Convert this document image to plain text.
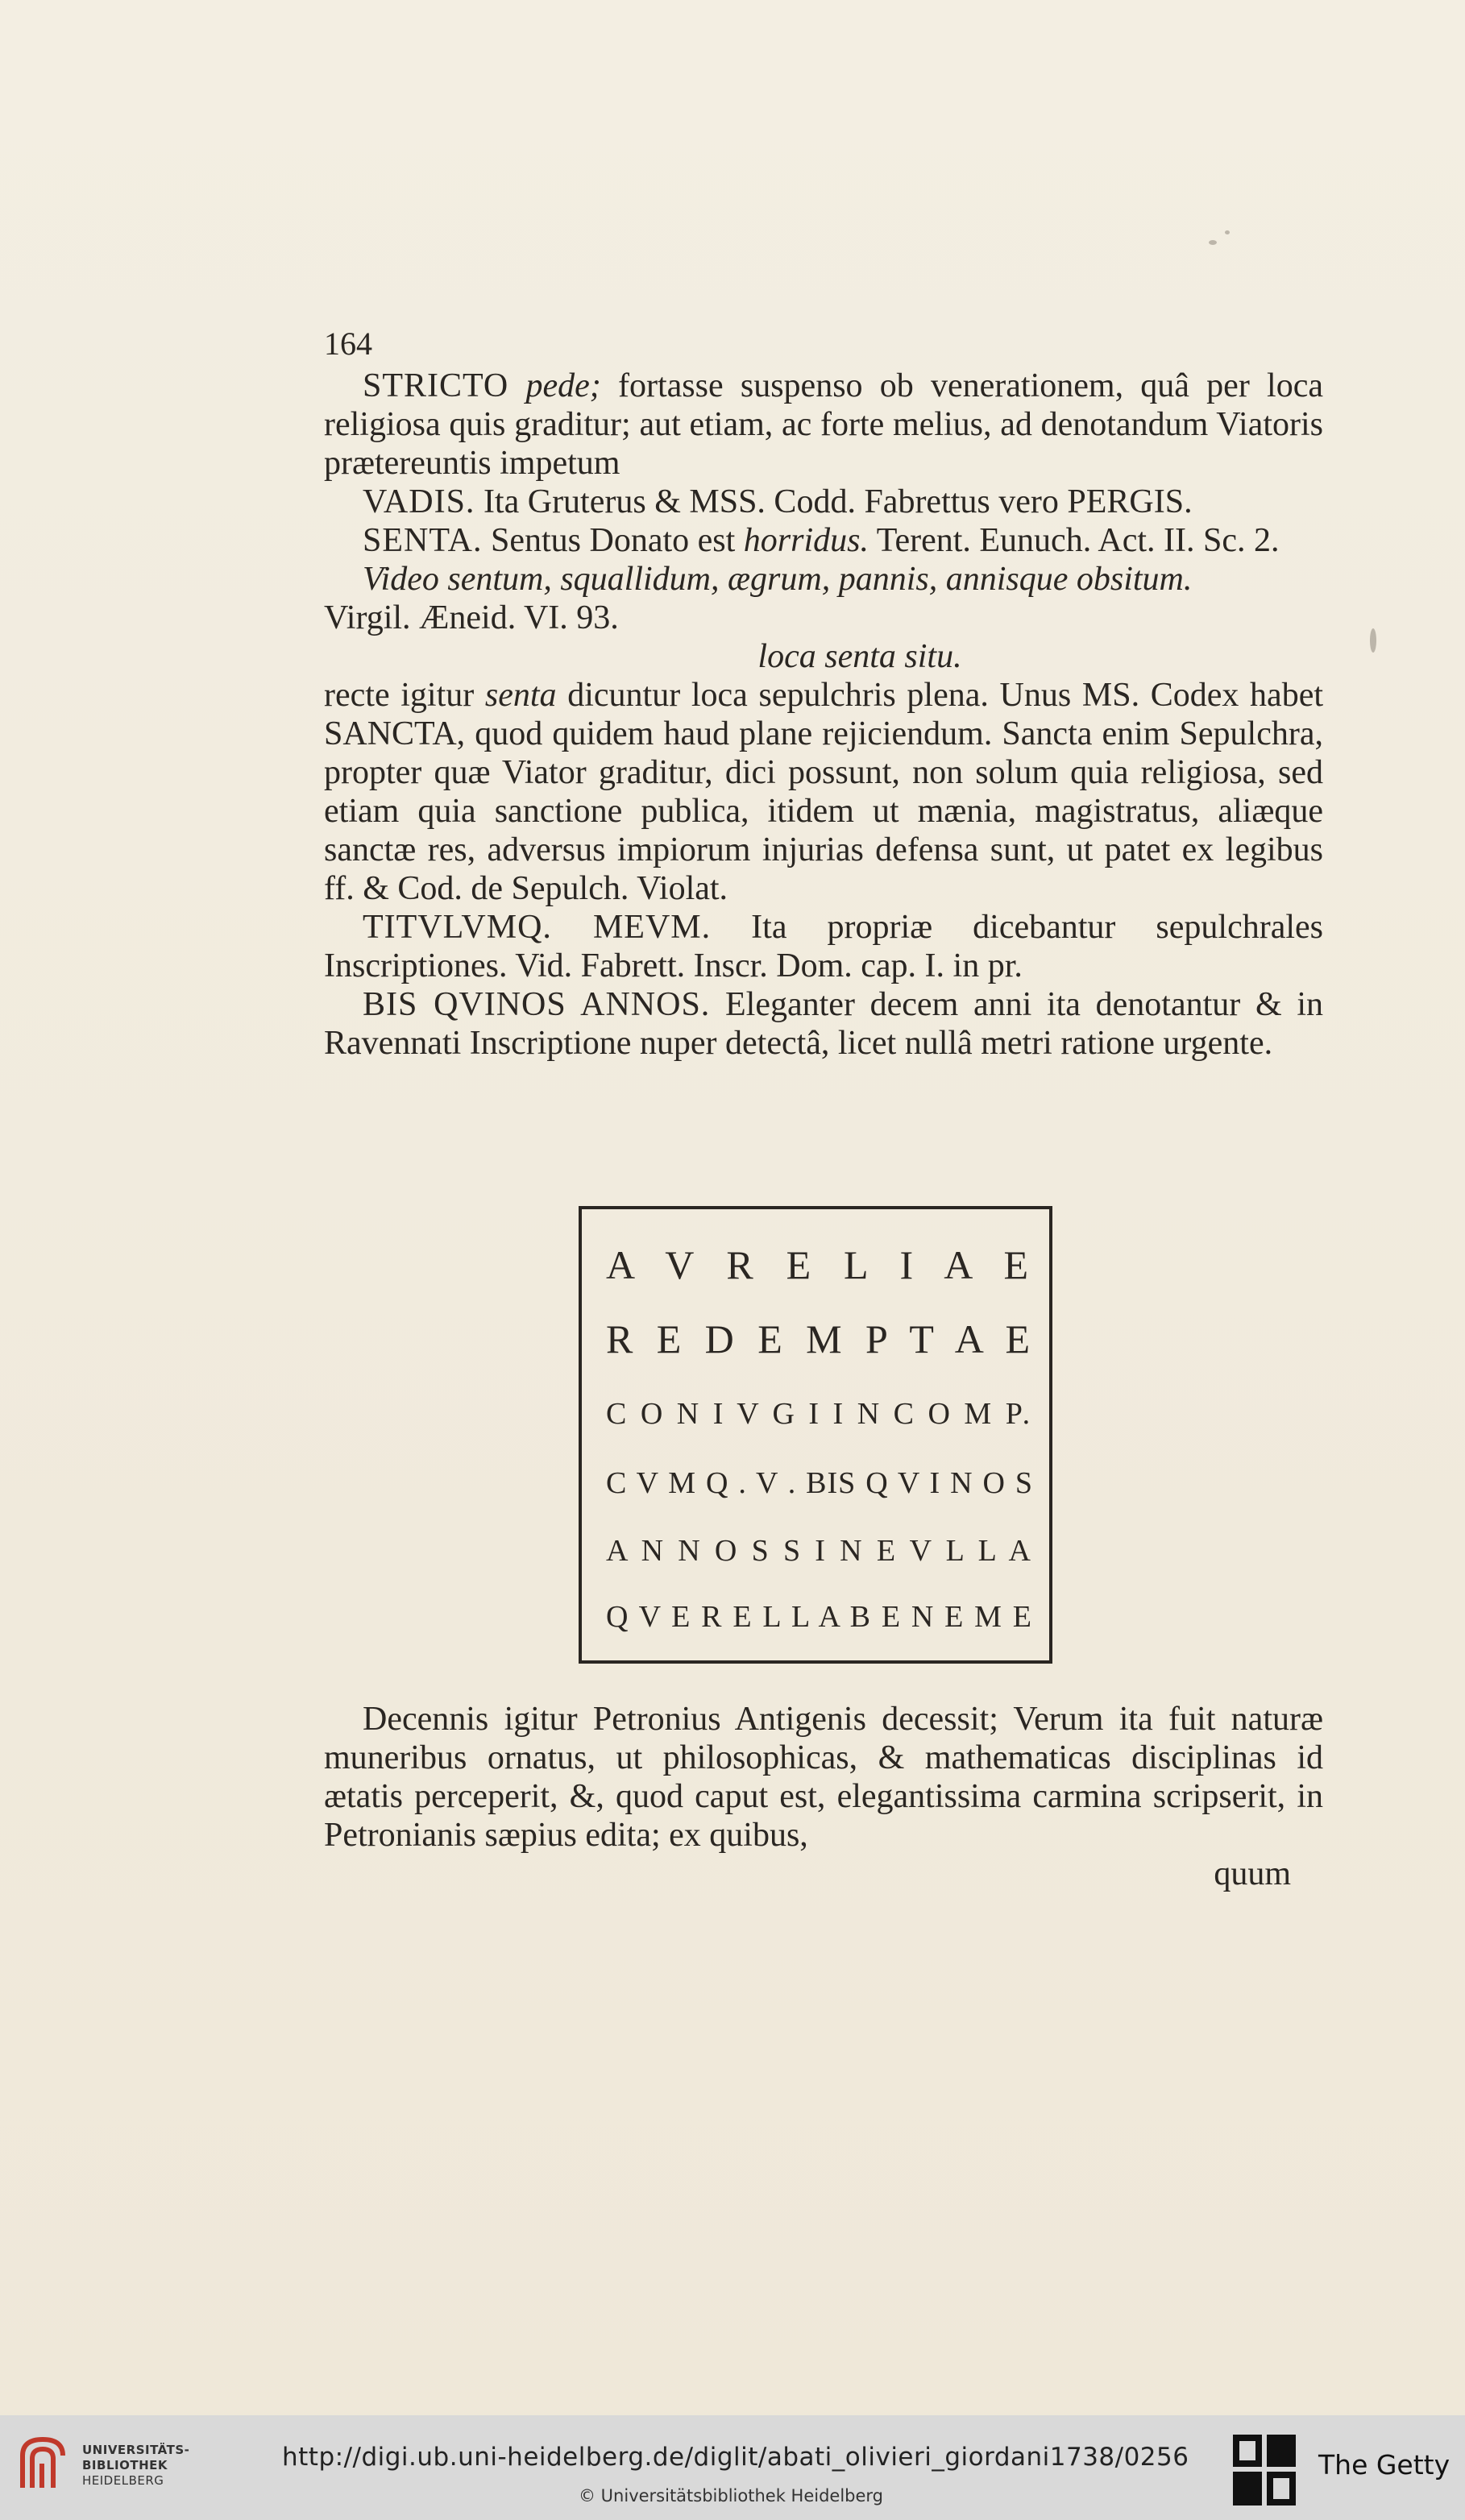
164
STRICTO pede; fortasse suspenso ob venerationem, quâ per loca religiosa quis graditur; aut etiam, ac forte melius, ad denotandum Viatoris prætereuntis impetum
VADIS. Ita Gruterus & MSS. Codd. Fabrettus vero PERGIS.
SENTA. Sentus Donato est horridus. Terent. Eunuch. Act. II. Sc. 2.
Video sentum, squallidum, ægrum, pannis, annisque obsitum.
Virgil. Æneid. VI. 93.
loca senta situ.
recte igitur senta dicuntur loca sepulchris plena. Unus MS. Codex habet SANCTA, quod quidem haud plane rejiciendum. Sancta enim Sepulchra, propter quæ Viator graditur, dici possunt, non solum quia religiosa, sed etiam quia sanctione publica, itidem ut mænia, magistratus, aliæque sanctæ res, adversus impiorum injurias defensa sunt, ut patet ex legibus ff. & Cod. de Sepulch. Violat.
TITVLVMQ. MEVM. Ita propriæ dicebantur sepulchrales Inscriptiones. Vid. Fabrett. Inscr. Dom. cap. I. in pr.
BIS QVINOS ANNOS. Eleganter decem anni ita denotantur & in Ravennati Inscriptione nuper detectâ, licet nullâ metri ratione urgente.
A V R E L I A E
R E D E M P T A E
C O N I V G I I N C O M P.
C V M Q . V . BIS Q V I N O S
A N N O S S I N E V L L A
Q V E R E L L A B E N E M E
Decennis igitur Petronius Antigenis decessit; Verum ita fuit naturæ muneribus ornatus, ut philosophicas, & mathematicas disciplinas id ætatis perceperit, &, quod caput est, elegantissima carmina scripserit, in Petronianis sæpius edita; ex quibus,
quum
UNIVERSITÄTS-
BIBLIOTHEK
HEIDELBERG
http://digi.ub.uni-heidelberg.de/diglit/abati_olivieri_giordani1738/0256
© Universitätsbibliothek Heidelberg
The Getty
